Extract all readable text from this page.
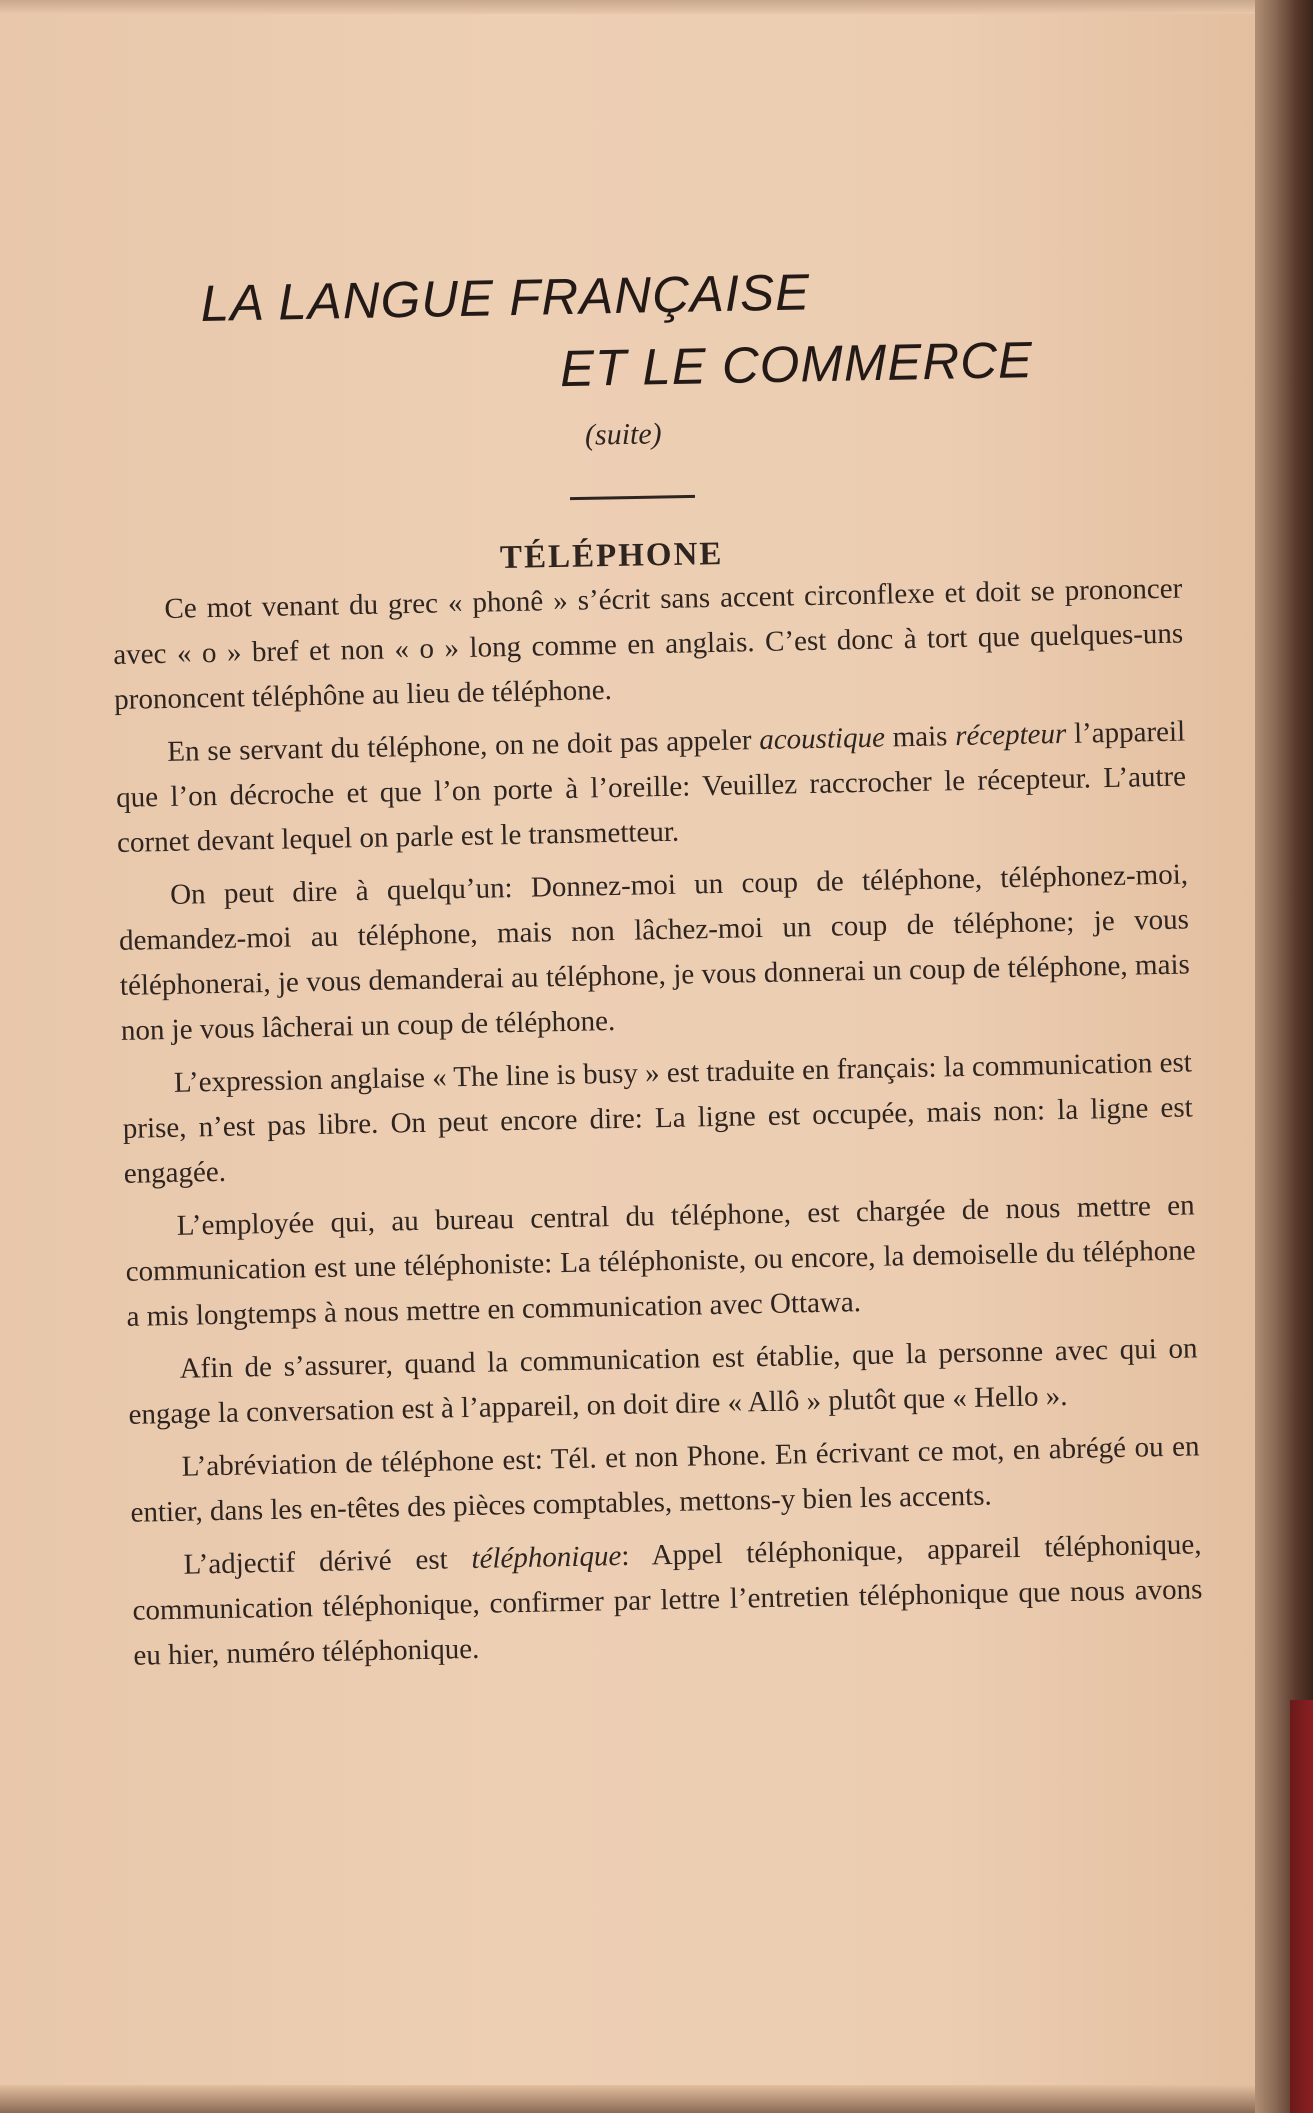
LA LANGUE FRANÇAISE
ET LE COMMERCE
(suite)
TÉLÉPHONE

Ce mot venant du grec « phonê » s’écrit sans accent circonflexe et doit se prononcer avec « o » bref et non « o » long comme en anglais. C’est donc à tort que quelques-uns prononcent téléphône au lieu de téléphone.

En se servant du téléphone, on ne doit pas appeler acoustique mais récepteur l’appareil que l’on décroche et que l’on porte à l’oreille: Veuillez raccrocher le récepteur. L’autre cornet devant lequel on parle est le transmetteur.

On peut dire à quelqu’un: Donnez-moi un coup de téléphone, téléphonez-moi, demandez-moi au téléphone, mais non lâchez-moi un coup de téléphone; je vous téléphonerai, je vous demanderai au téléphone, je vous donnerai un coup de téléphone, mais non je vous lâcherai un coup de téléphone.

L’expression anglaise « The line is busy » est traduite en français: la communication est prise, n’est pas libre. On peut encore dire: La ligne est occupée, mais non: la ligne est engagée.

L’employée qui, au bureau central du téléphone, est chargée de nous mettre en communication est une téléphoniste: La téléphoniste, ou encore, la demoiselle du téléphone a mis longtemps à nous mettre en communication avec Ottawa.

Afin de s’assurer, quand la communication est établie, que la personne avec qui on engage la conversation est à l’appareil, on doit dire « Allô » plutôt que « Hello ».

L’abréviation de téléphone est: Tél. et non Phone. En écrivant ce mot, en abrégé ou en entier, dans les en-têtes des pièces comptables, mettons-y bien les accents.

L’adjectif dérivé est téléphonique: Appel téléphonique, appareil téléphonique, communication téléphonique, confirmer par lettre l’entretien téléphonique que nous avons eu hier, numéro téléphonique.
